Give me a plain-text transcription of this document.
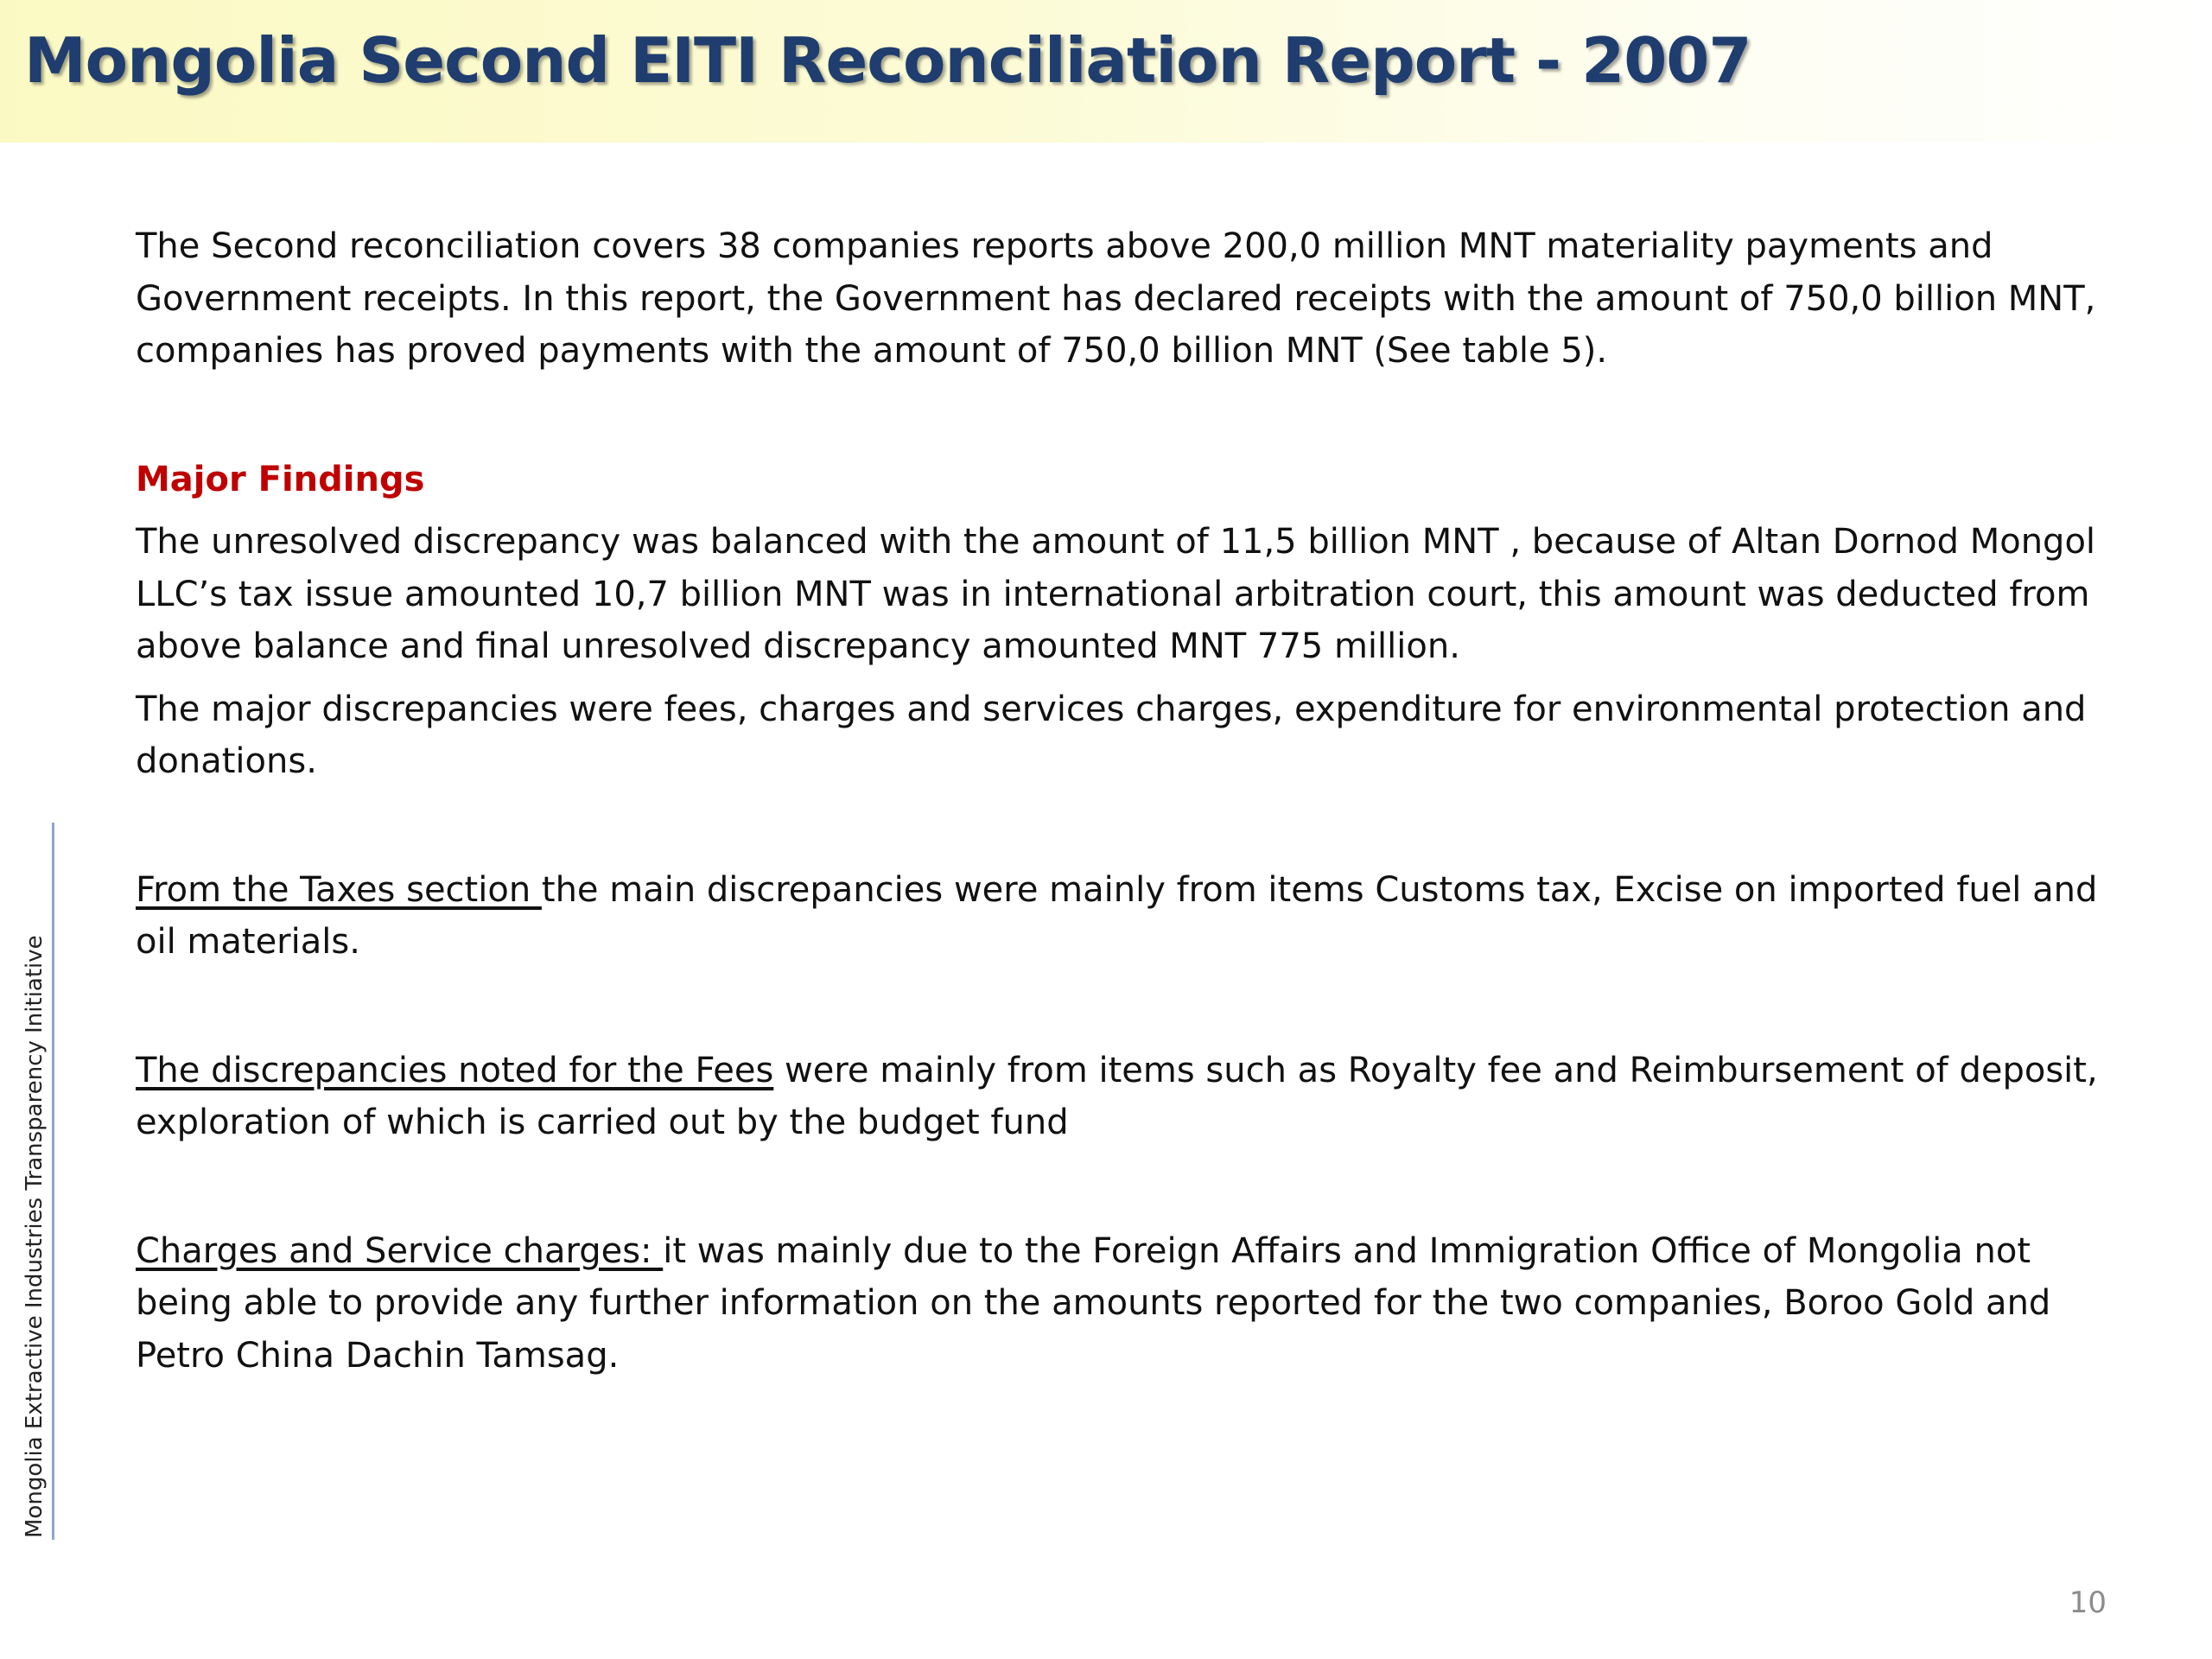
Mongolia Second EITI Reconciliation Report - 2007

The Second reconciliation covers 38 companies reports above 200,0 million MNT materiality payments and Government receipts. In this report, the Government has declared receipts with the amount of 750,0 billion MNT, companies has proved payments with the amount of 750,0 billion MNT (See table 5).

Major Findings

The unresolved discrepancy was balanced with the amount of 11,5 billion MNT , because of Altan Dornod Mongol LLC’s tax issue amounted 10,7 billion MNT was in international arbitration court, this amount was deducted from above balance and final unresolved discrepancy amounted MNT 775 million.

The major discrepancies were fees, charges and services charges, expenditure for environmental protection and donations.

From the Taxes section the main discrepancies were mainly from items Customs tax, Excise on imported fuel and oil materials.

The discrepancies noted for the Fees were mainly from items such as Royalty fee and Reimbursement of deposit, exploration of which is carried out by the budget fund

Charges and Service charges: it was mainly due to the Foreign Affairs and Immigration Office of Mongolia not being able to provide any further information on the amounts reported for the two companies, Boroo Gold and Petro China Dachin Tamsag.

Mongolia Extractive Industries Transparency Initiative
10
